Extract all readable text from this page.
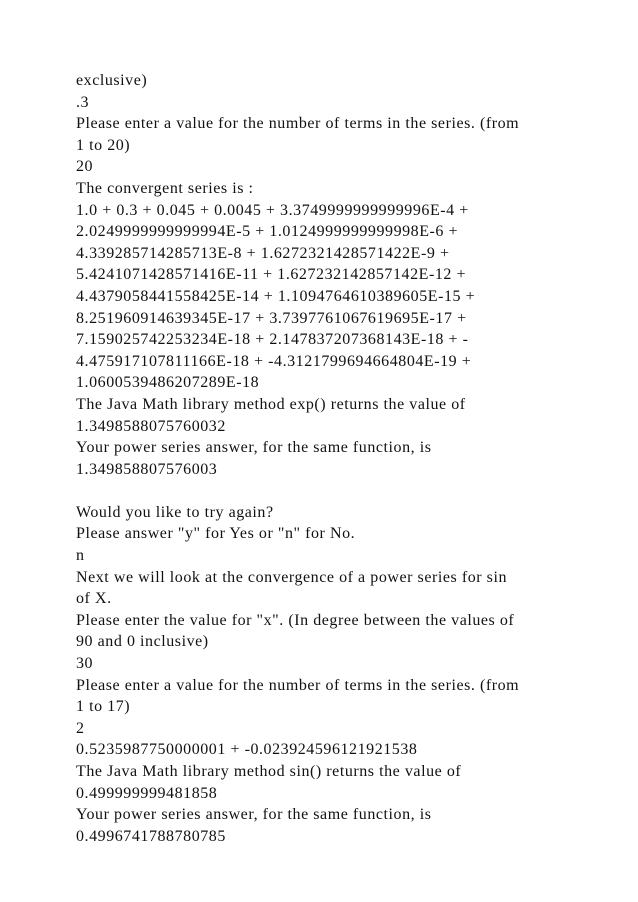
exclusive)
.3
Please enter a value for the number of terms in the series. (from
1 to 20)
20
The convergent series is :
1.0 + 0.3 + 0.045 + 0.0045 + 3.3749999999999996E-4 +
2.0249999999999994E-5 + 1.0124999999999998E-6 +
4.339285714285713E-8 + 1.6272321428571422E-9 +
5.4241071428571416E-11 + 1.627232142857142E-12 +
4.4379058441558425E-14 + 1.1094764610389605E-15 +
8.251960914639345E-17 + 3.7397761067619695E-17 +
7.159025742253234E-18 + 2.147837207368143E-18 + -
4.475917107811166E-18 + -4.3121799694664804E-19 +
1.0600539486207289E-18
The Java Math library method exp() returns the value of
1.3498588075760032
Your power series answer, for the same function, is
1.349858807576003
Would you like to try again?
Please answer "y" for Yes or "n" for No.
n
Next we will look at the convergence of a power series for sin
of X.
Please enter the value for "x". (In degree between the values of
90 and 0 inclusive)
30
Please enter a value for the number of terms in the series. (from
1 to 17)
2
0.5235987750000001 + -0.023924596121921538
The Java Math library method sin() returns the value of
0.499999999481858
Your power series answer, for the same function, is
0.4996741788780785
